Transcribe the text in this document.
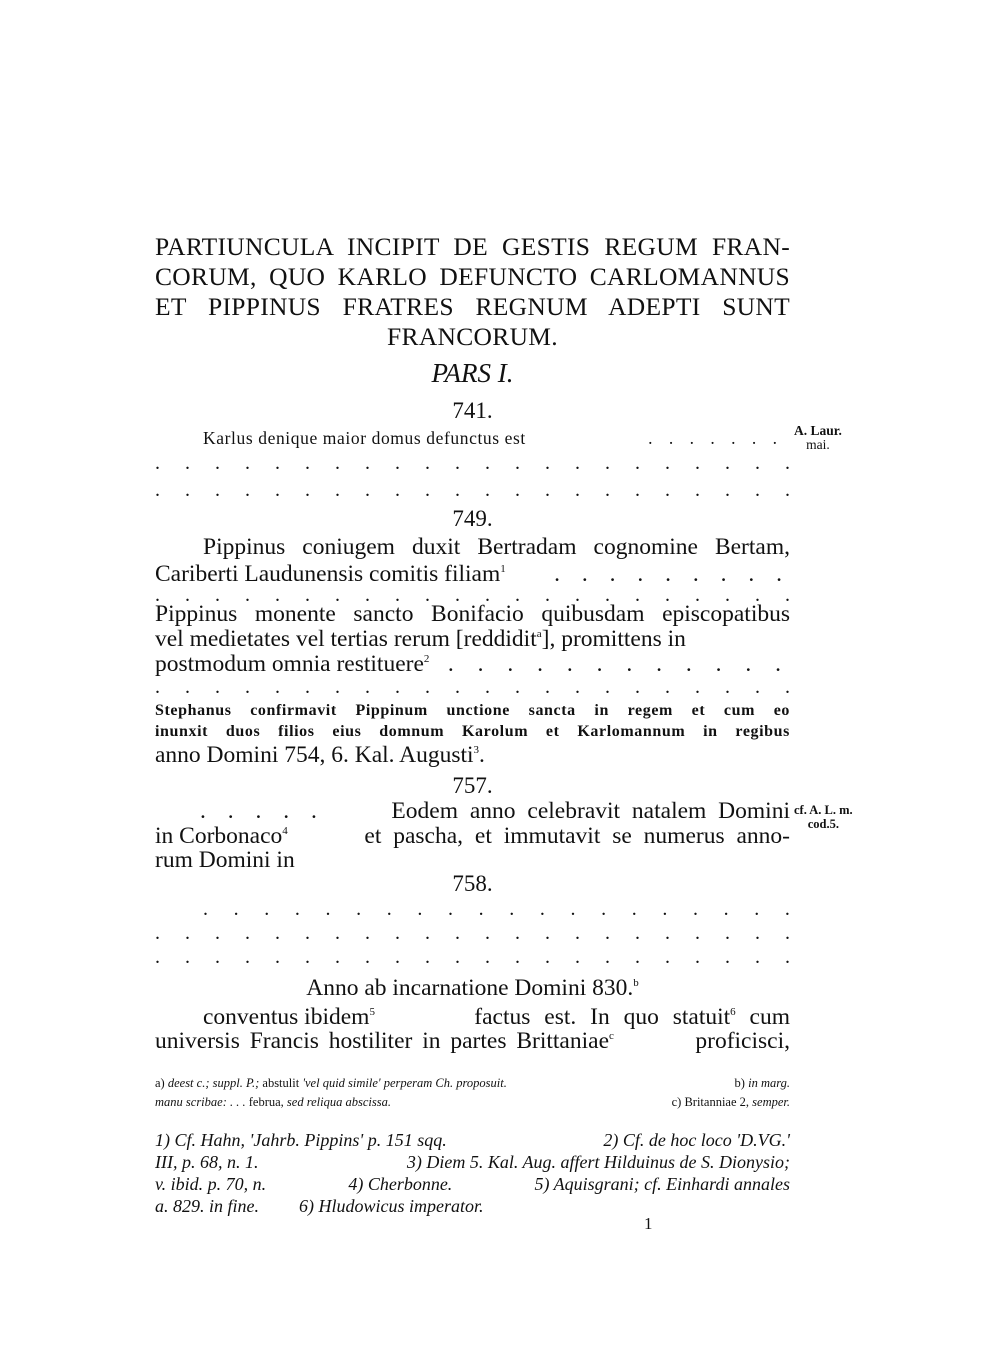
PARTIUNCULA INCIPIT DE GESTIS REGUM FRAN-
CORUM, QUO KARLO DEFUNCTO CARLOMANNUS
ET PIPPINUS FRATRES REGNUM ADEPTI SUNT
FRANCORUM.
PARS I.
741.
Karlus denique maior domus defunctus est	. . . . . . . A. Laur.
mai.
. . . . . . . . . . . . . . . . . . . . . .
. . . . . . . . . . . . . . . . . . . . . .
749.
Pippinus coniugem duxit Bertradam cognomine Bertam,
Cariberti Laudunensis comitis filiam$^1$ . . . . . . . . .
. . . . . . . . . . . . . . . . . . . . . .
Pippinus monente sancto Bonifacio quibusdam episcopatibus
vel medietates vel tertias rerum [reddidit$^a$], promittens in
postmodum omnia restituere$^2$ . . . . . . . . . . . .
. . . . . . . . . . . . . . . . . . . . . .
Stephanus confirmavit Pippinum unctione sancta in regem et cum eo
inunxit duos filios eius domnum Karolum et Karlomannum in regibus
anno Domini 754, 6. Kal. Augusti$^3$.
757.
. . . . .	Eodem anno celebravit natalem Domini
in Corbonaco$^4$	et pascha, et immutavit se numerus anno-
rum Domini in
cf. A. L. m.
cod.5.
758.
. . . . . . . . . . . . . . . . . . . .
. . . . . . . . . . . . . . . . . . . . . .
. . . . . . . . . . . . . . . . . . . . . .
Anno ab incarnatione Domini 830.$^b$
conventus ibidem$^5$	factus est. In quo statuit$^6$ cum
universis Francis hostiliter in partes Brittaniae$^c$	proficisci,
a) deest c.; suppl. P.; abstulit 'vel quid simile' perperam Ch. proposuit.	b) in marg.
manu scribae: . . . februa, sed reliqua abscissa.	c) Britanniae 2, semper.
1) Cf. Hahn, 'Jahrb. Pippins' p. 151 sqq.	2) Cf. de hoc loco 'D.VG.'
III, p. 68, n. 1.	3) Diem 5. Kal. Aug. affert Hilduinus de S. Dionysio;
v. ibid. p. 70, n.	4) Cherbonne.	5) Aquisgrani; cf. Einhardi annales
a. 829. in fine. 6) Hludowicus imperator.
1
